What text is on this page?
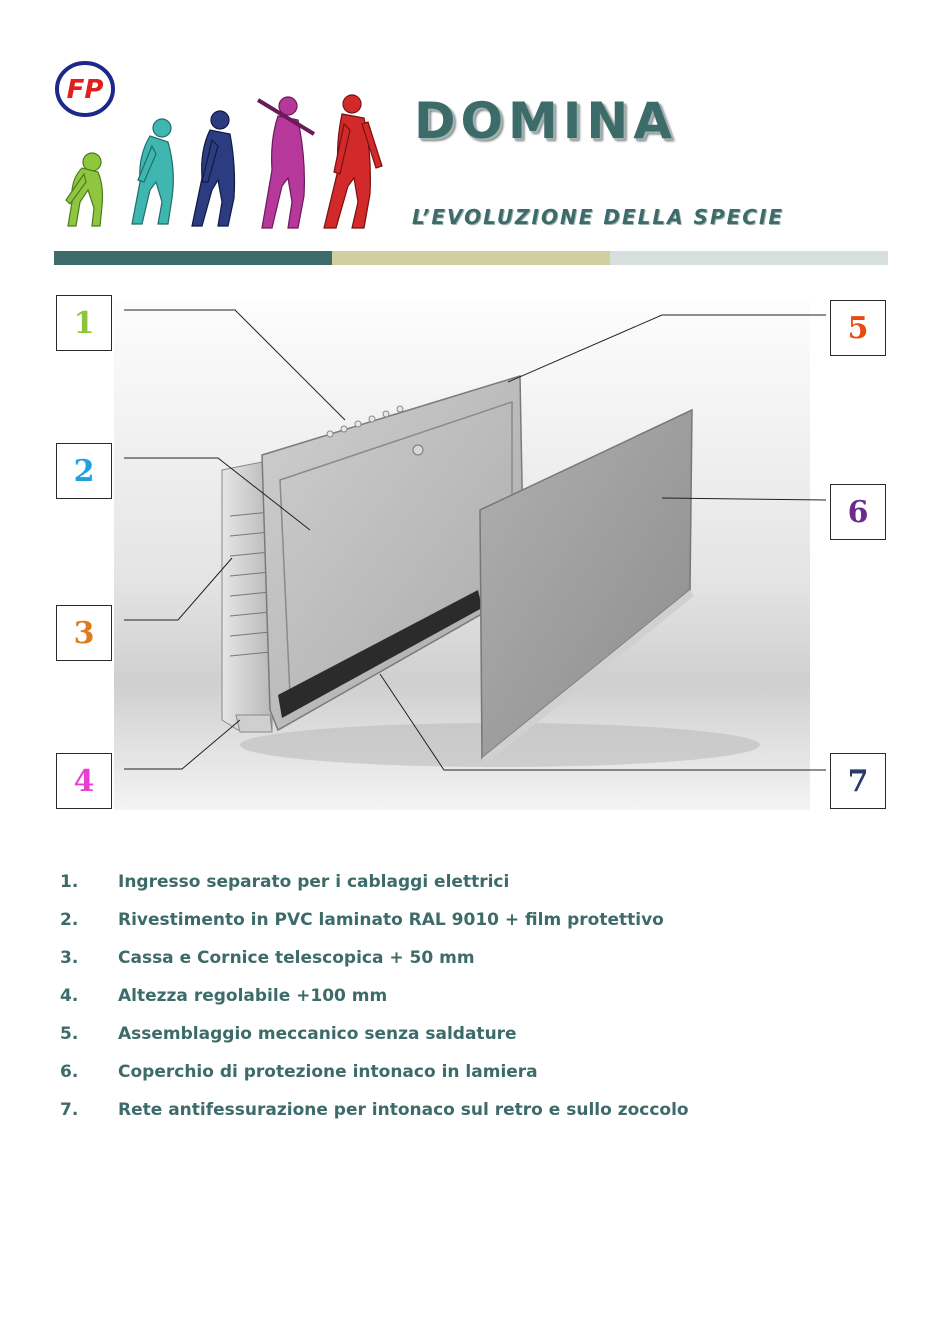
FP
DOMINA
L’EVOLUZIONE DELLA SPECIE
1
2
3
4
5
6
7
1.	Ingresso separato per i cablaggi elettrici
2.	Rivestimento in PVC laminato RAL 9010 + film protettivo
3.	Cassa e Cornice telescopica + 50 mm
4.	Altezza regolabile +100 mm
5.	Assemblaggio meccanico senza saldature
6.	Coperchio di protezione intonaco in lamiera
7.	Rete antifessurazione per intonaco sul retro e sullo zoccolo
